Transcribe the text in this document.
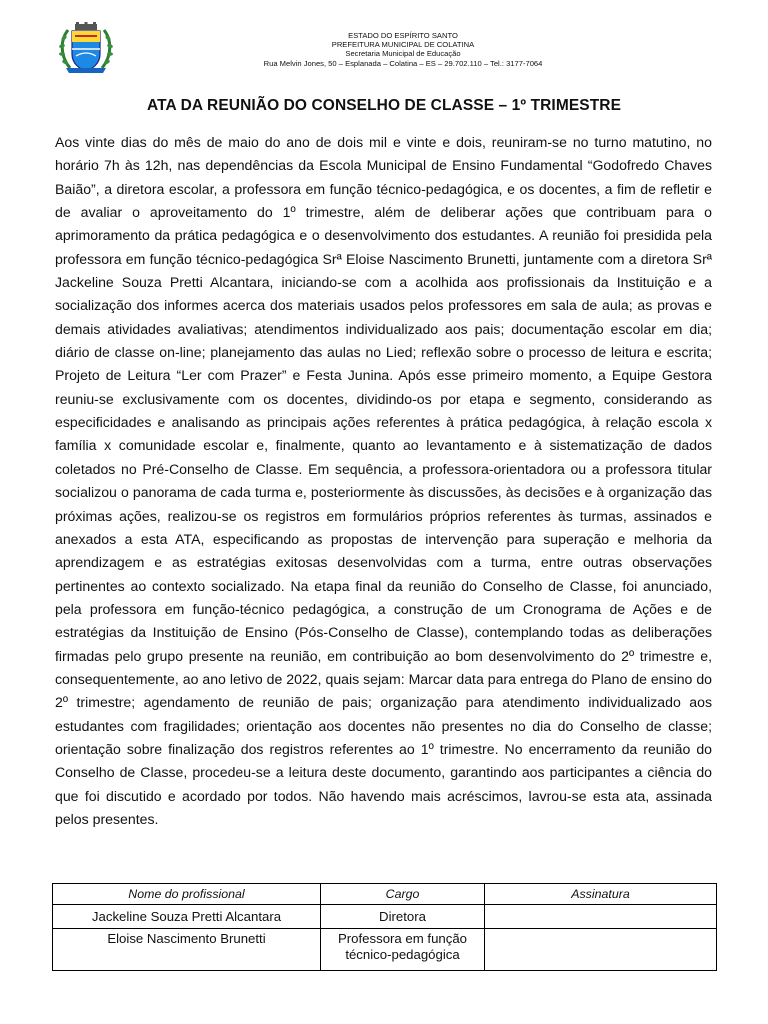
ESTADO DO ESPÍRITO SANTO
PREFEITURA MUNICIPAL DE COLATINA
Secretaria Municipal de Educação
Rua Melvin Jones, 50 – Esplanada – Colatina – ES – 29.702.110 – Tel.: 3177-7064
ATA DA REUNIÃO DO CONSELHO DE CLASSE – 1º TRIMESTRE
Aos vinte dias do mês de maio do ano de dois mil e vinte e dois, reuniram-se no turno matutino, no horário 7h às 12h, nas dependências da Escola Municipal de Ensino Fundamental “Godofredo Chaves Baião”, a diretora escolar, a professora em função técnico-pedagógica, e os docentes, a fim de refletir e de avaliar o aproveitamento do 1º trimestre, além de deliberar ações que contribuam para o aprimoramento da prática pedagógica e o desenvolvimento dos estudantes. A reunião foi presidida pela professora em função técnico-pedagógica Srª Eloise Nascimento Brunetti, juntamente com a diretora Srª Jackeline Souza Pretti Alcantara, iniciando-se com a acolhida aos profissionais da Instituição e a socialização dos informes acerca dos materiais usados pelos professores em sala de aula; as provas e demais atividades avaliativas; atendimentos individualizado aos pais; documentação escolar em dia; diário de classe on-line; planejamento das aulas no Lied; reflexão sobre o processo de leitura e escrita; Projeto de Leitura “Ler com Prazer” e Festa Junina. Após esse primeiro momento, a Equipe Gestora reuniu-se exclusivamente com os docentes, dividindo-os por etapa e segmento, considerando as especificidades e analisando as principais ações referentes à prática pedagógica, à relação escola x família x comunidade escolar e, finalmente, quanto ao levantamento e à sistematização de dados coletados no Pré-Conselho de Classe. Em sequência, a professora-orientadora ou a professora titular socializou o panorama de cada turma e, posteriormente às discussões, às decisões e à organização das próximas ações, realizou-se os registros em formulários próprios referentes às turmas, assinados e anexados a esta ATA, especificando as propostas de intervenção para superação e melhoria da aprendizagem e as estratégias exitosas desenvolvidas com a turma, entre outras observações pertinentes ao contexto socializado. Na etapa final da reunião do Conselho de Classe, foi anunciado, pela professora em função-técnico pedagógica, a construção de um Cronograma de Ações e de estratégias da Instituição de Ensino (Pós-Conselho de Classe), contemplando todas as deliberações firmadas pelo grupo presente na reunião, em contribuição ao bom desenvolvimento do 2º trimestre e, consequentemente, ao ano letivo de 2022, quais sejam: Marcar data para entrega do Plano de ensino do 2º trimestre; agendamento de reunião de pais; organização para atendimento individualizado aos estudantes com fragilidades; orientação aos docentes não presentes no dia do Conselho de classe; orientação sobre finalização dos registros referentes ao 1º trimestre. No encerramento da reunião do Conselho de Classe, procedeu-se a leitura deste documento, garantindo aos participantes a ciência do que foi discutido e acordado por todos. Não havendo mais acréscimos, lavrou-se esta ata, assinada pelos presentes.
Nome do profissional	Cargo	Assinatura
Jackeline Souza Pretti Alcantara	Diretora	
Eloise Nascimento Brunetti	Professora em função técnico-pedagógica	
